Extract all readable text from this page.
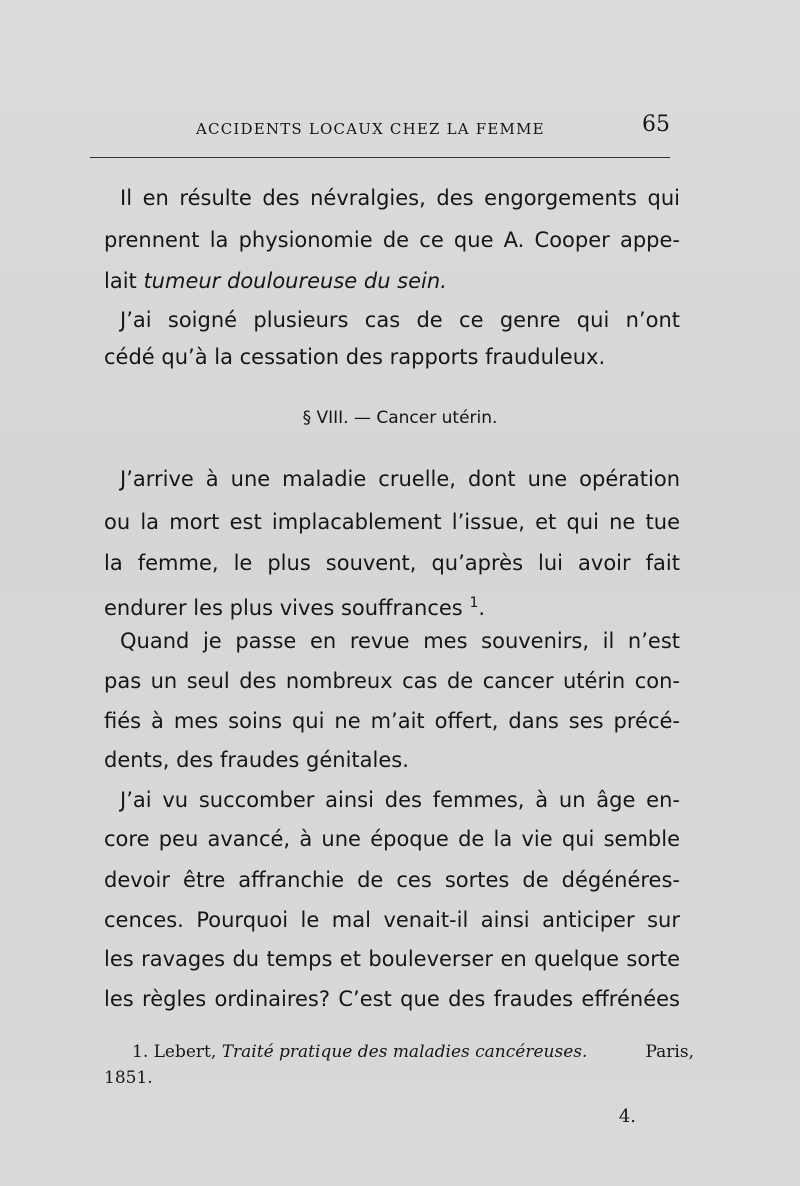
ACCIDENTS LOCAUX CHEZ LA FEMME	65
Il en résulte des névralgies, des engorgements qui
prennent la physionomie de ce que A. Cooper appe-
lait tumeur douloureuse du sein.
J’ai soigné plusieurs cas de ce genre qui n’ont
cédé qu’à la cessation des rapports frauduleux.
§ VIII. — Cancer utérin.
J’arrive à une maladie cruelle, dont une opération
ou la mort est implacablement l’issue, et qui ne tue
la femme, le plus souvent, qu’après lui avoir fait
endurer les plus vives souffrances $^1$.
Quand je passe en revue mes souvenirs, il n’est
pas un seul des nombreux cas de cancer utérin con-
fiés à mes soins qui ne m’ait offert, dans ses précé-
dents, des fraudes génitales.
J’ai vu succomber ainsi des femmes, à un âge en-
core peu avancé, à une époque de la vie qui semble
devoir être affranchie de ces sortes de dégénéres-
cences. Pourquoi le mal venait-il ainsi anticiper sur
les ravages du temps et bouleverser en quelque sorte
les règles ordinaires? C’est que des fraudes effrénées
1. Lebert, Traité pratique des maladies cancéreuses.	Paris,
1851.
4.
